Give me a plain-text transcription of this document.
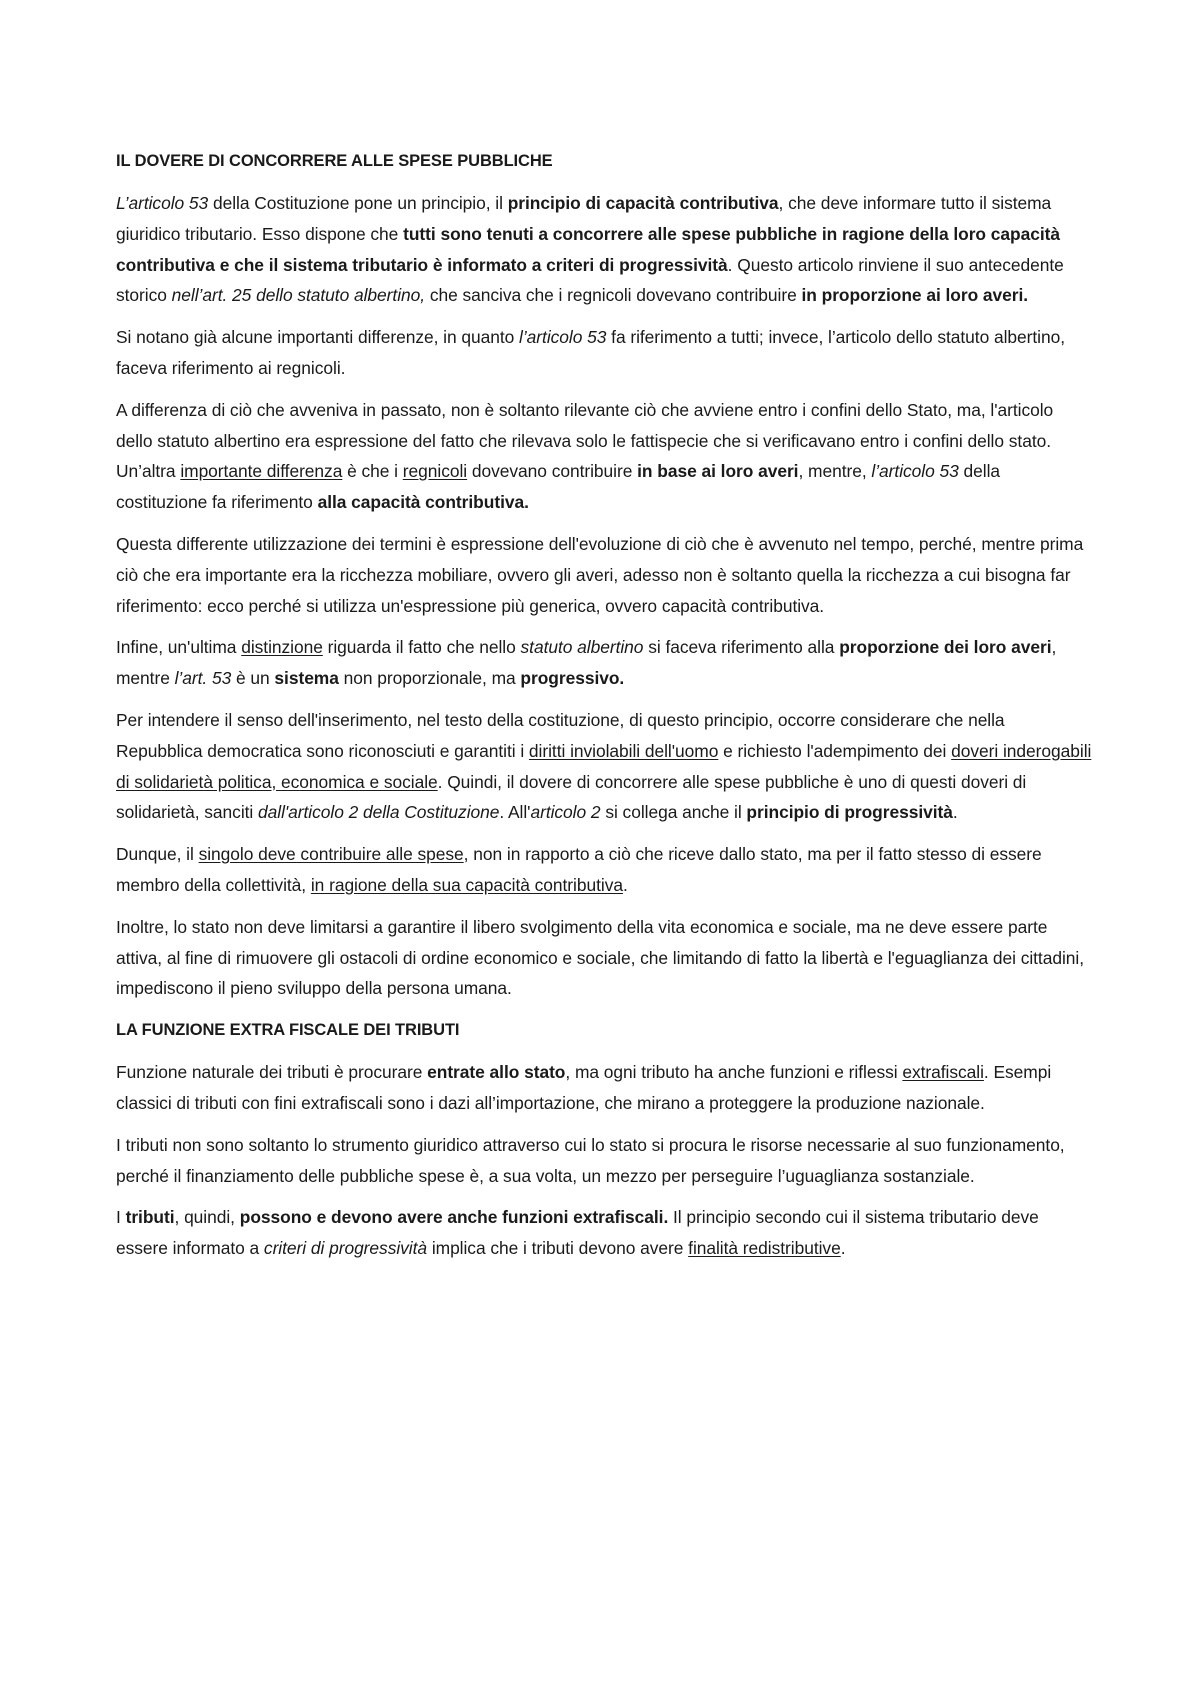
IL DOVERE DI CONCORRERE ALLE SPESE PUBBLICHE

L’articolo 53 della Costituzione pone un principio, il principio di capacità contributiva, che deve informare tutto il sistema giuridico tributario. Esso dispone che tutti sono tenuti a concorrere alle spese pubbliche in ragione della loro capacità contributiva e che il sistema tributario è informato a criteri di progressività. Questo articolo rinviene il suo antecedente storico nell’art. 25 dello statuto albertino, che sanciva che i regnicoli dovevano contribuire in proporzione ai loro averi.

Si notano già alcune importanti differenze, in quanto l’articolo 53 fa riferimento a tutti; invece, l’articolo dello statuto albertino, faceva riferimento ai regnicoli.

A differenza di ciò che avveniva in passato, non è soltanto rilevante ciò che avviene entro i confini dello Stato, ma, l'articolo dello statuto albertino era espressione del fatto che rilevava solo le fattispecie che si verificavano entro i confini dello stato. Un’altra importante differenza è che i regnicoli dovevano contribuire in base ai loro averi, mentre, l’articolo 53 della costituzione fa riferimento alla capacità contributiva.

Questa differente utilizzazione dei termini è espressione dell'evoluzione di ciò che è avvenuto nel tempo, perché, mentre prima ciò che era importante era la ricchezza mobiliare, ovvero gli averi, adesso non è soltanto quella la ricchezza a cui bisogna far riferimento: ecco perché si utilizza un'espressione più generica, ovvero capacità contributiva.

Infine, un'ultima distinzione riguarda il fatto che nello statuto albertino si faceva riferimento alla proporzione dei loro averi, mentre l’art. 53 è un sistema non proporzionale, ma progressivo.

Per intendere il senso dell'inserimento, nel testo della costituzione, di questo principio, occorre considerare che nella Repubblica democratica sono riconosciuti e garantiti i diritti inviolabili dell'uomo e richiesto l'adempimento dei doveri inderogabili di solidarietà politica, economica e sociale. Quindi, il dovere di concorrere alle spese pubbliche è uno di questi doveri di solidarietà, sanciti dall'articolo 2 della Costituzione. All'articolo 2 si collega anche il principio di progressività.

Dunque, il singolo deve contribuire alle spese, non in rapporto a ciò che riceve dallo stato, ma per il fatto stesso di essere membro della collettività, in ragione della sua capacità contributiva.

Inoltre, lo stato non deve limitarsi a garantire il libero svolgimento della vita economica e sociale, ma ne deve essere parte attiva, al fine di rimuovere gli ostacoli di ordine economico e sociale, che limitando di fatto la libertà e l'eguaglianza dei cittadini, impediscono il pieno sviluppo della persona umana.

LA FUNZIONE EXTRA FISCALE DEI TRIBUTI

Funzione naturale dei tributi è procurare entrate allo stato, ma ogni tributo ha anche funzioni e riflessi extrafiscali. Esempi classici di tributi con fini extrafiscali sono i dazi all’importazione, che mirano a proteggere la produzione nazionale.

I tributi non sono soltanto lo strumento giuridico attraverso cui lo stato si procura le risorse necessarie al suo funzionamento, perché il finanziamento delle pubbliche spese è, a sua volta, un mezzo per perseguire l’uguaglianza sostanziale.

I tributi, quindi, possono e devono avere anche funzioni extrafiscali. Il principio secondo cui il sistema tributario deve essere informato a criteri di progressività implica che i tributi devono avere finalità redistributive.
